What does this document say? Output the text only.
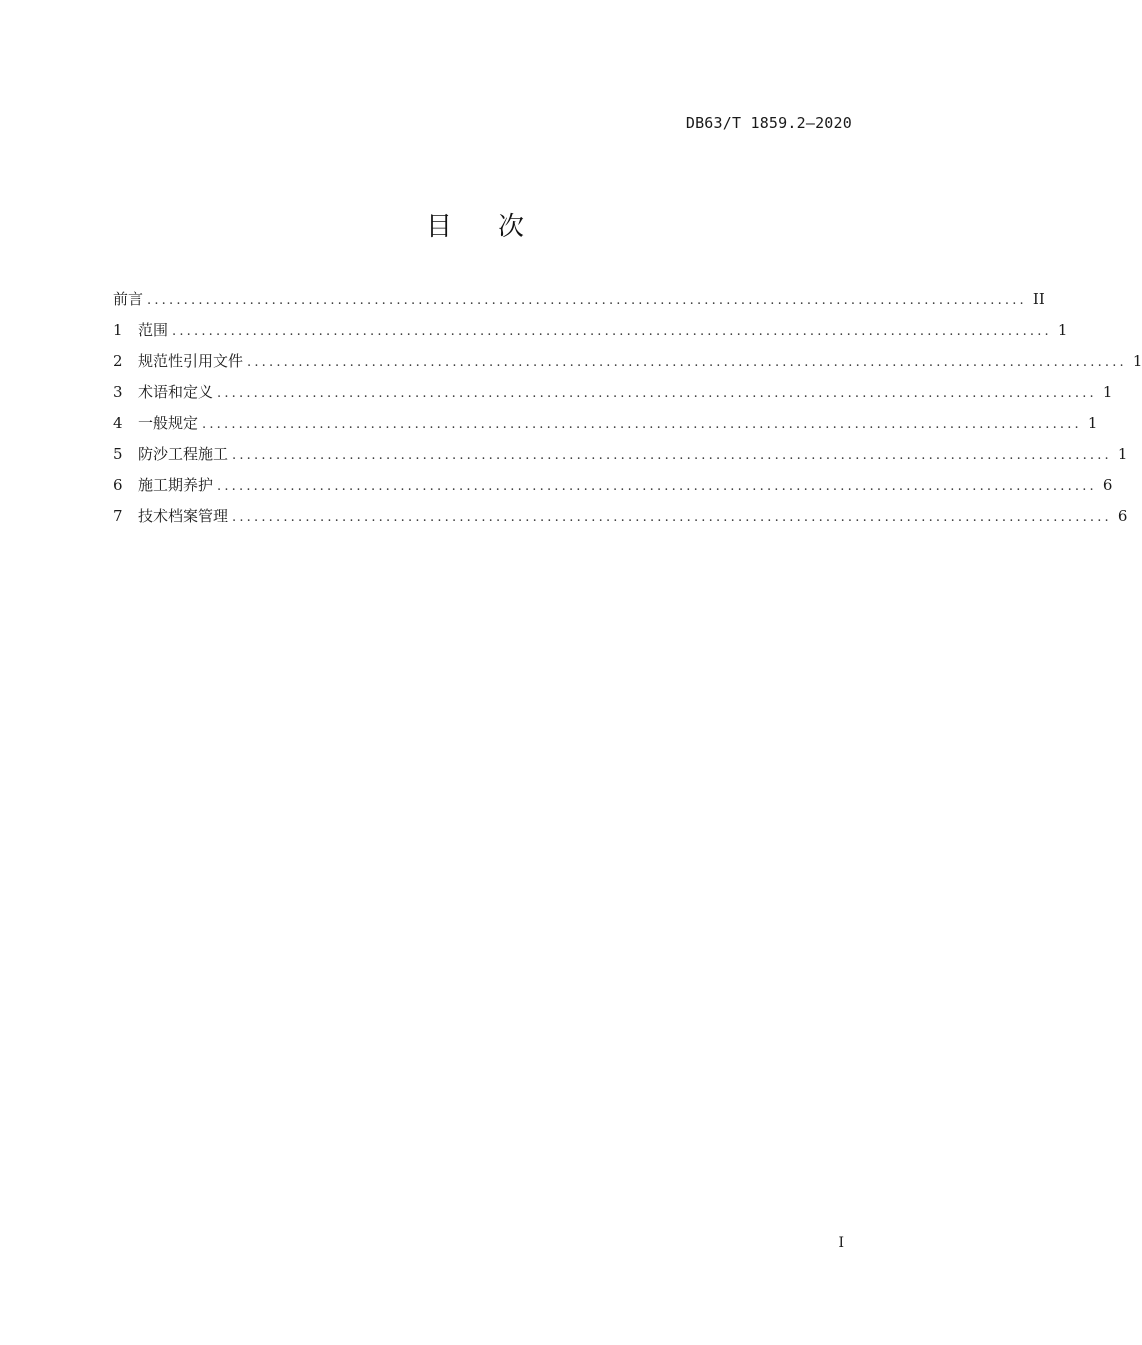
DB63/T 1859.2—2020
目次
前言 ........................................................................................................................ II
1	范围 ........................................................................................................................ 1
2	规范性引用文件 ........................................................................................................................ 1
3	术语和定义 ........................................................................................................................ 1
4	一般规定 ........................................................................................................................ 1
5	防沙工程施工 ........................................................................................................................ 1
6	施工期养护 ........................................................................................................................ 6
7	技术档案管理 ........................................................................................................................ 6
I
